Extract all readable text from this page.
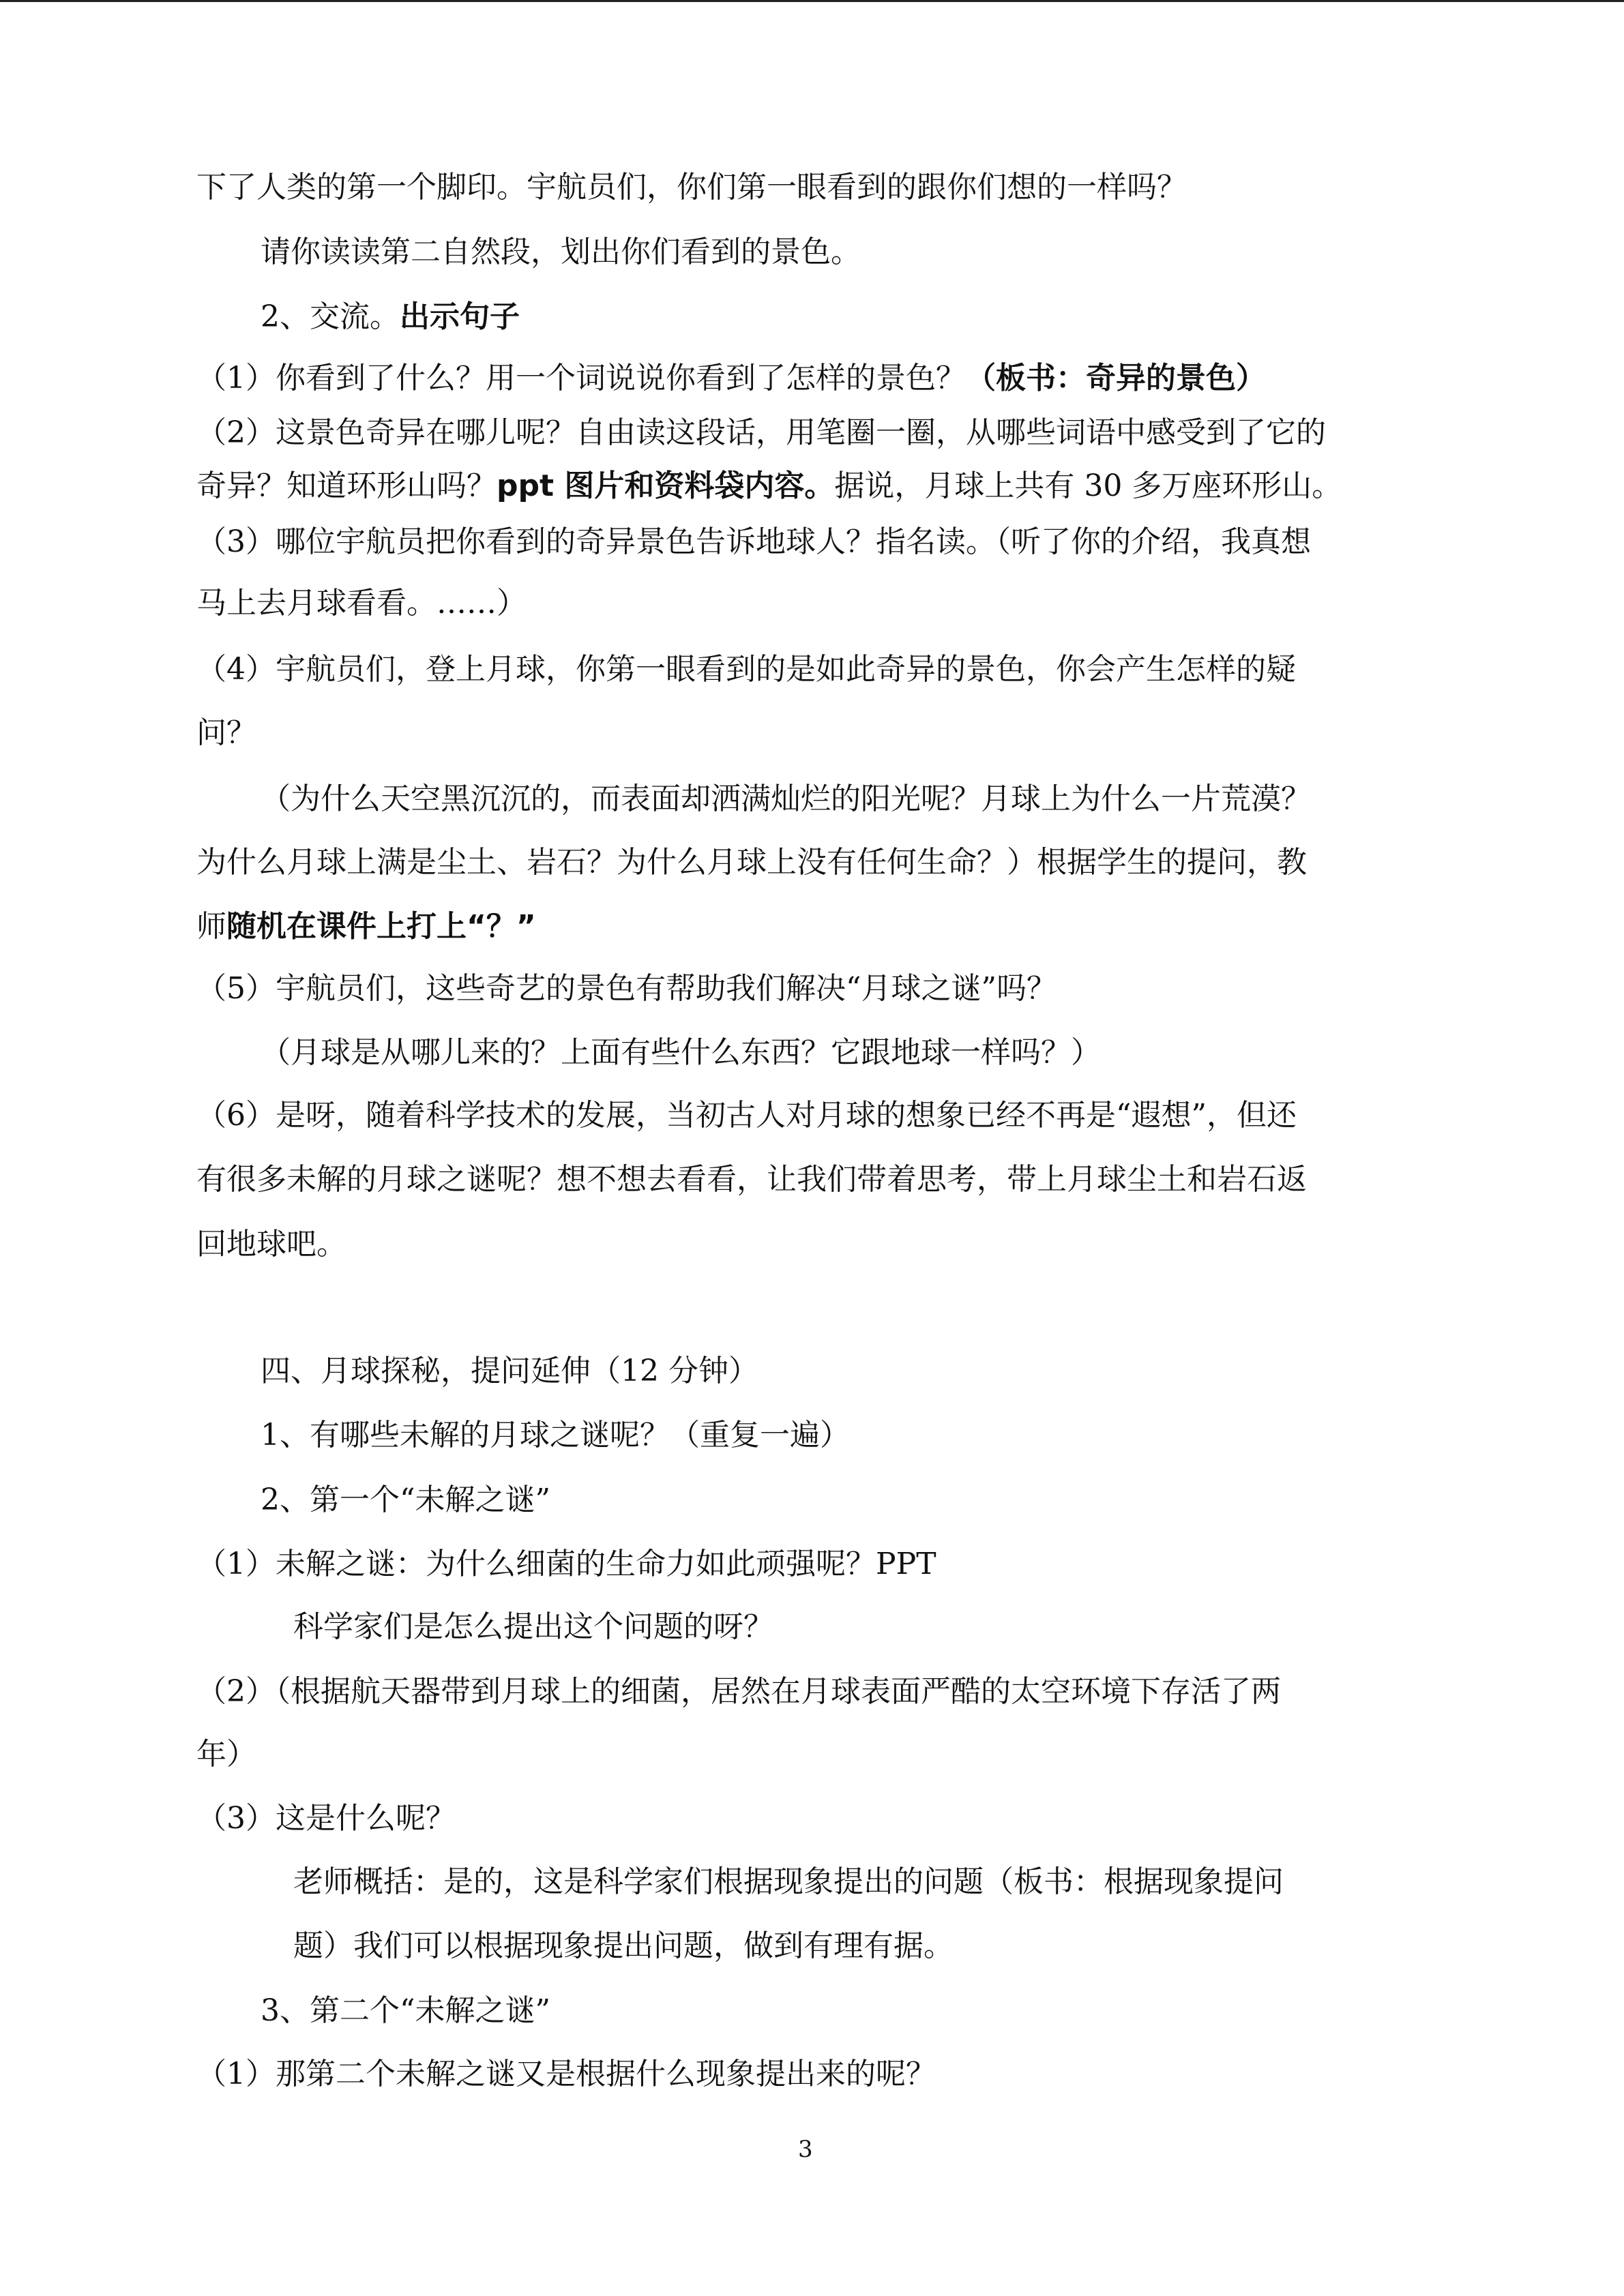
下了人类的第一个脚印。宇航员们，你们第一眼看到的跟你们想的一样吗？
请你读读第二自然段，划出你们看到的景色。
2、交流。出示句子
（1）你看到了什么？用一个词说说你看到了怎样的景色？（板书：奇异的景色）
（2）这景色奇异在哪儿呢？自由读这段话，用笔圈一圈，从哪些词语中感受到了它的
奇异？知道环形山吗？ppt 图片和资料袋内容。据说，月球上共有 30 多万座环形山。
（3）哪位宇航员把你看到的奇异景色告诉地球人？指名读。（听了你的介绍，我真想
马上去月球看看。……）
（4）宇航员们，登上月球，你第一眼看到的是如此奇异的景色，你会产生怎样的疑
问？
（为什么天空黑沉沉的，而表面却洒满灿烂的阳光呢？月球上为什么一片荒漠？
为什么月球上满是尘土、岩石？为什么月球上没有任何生命？）根据学生的提问，教
师随机在课件上打上“？”
（5）宇航员们，这些奇艺的景色有帮助我们解决“月球之谜”吗？
（月球是从哪儿来的？上面有些什么东西？它跟地球一样吗？）
（6）是呀，随着科学技术的发展，当初古人对月球的想象已经不再是“遐想”，但还
有很多未解的月球之谜呢？想不想去看看，让我们带着思考，带上月球尘土和岩石返
回地球吧。
四、月球探秘，提问延伸（12 分钟）
1、有哪些未解的月球之谜呢？（重复一遍）
2、第一个“未解之谜”
（1）未解之谜：为什么细菌的生命力如此顽强呢？PPT
科学家们是怎么提出这个问题的呀？
（2）（根据航天器带到月球上的细菌，居然在月球表面严酷的太空环境下存活了两
年）
（3）这是什么呢？
老师概括：是的，这是科学家们根据现象提出的问题（板书：根据现象提问
题）我们可以根据现象提出问题，做到有理有据。
3、第二个“未解之谜”
（1）那第二个未解之谜又是根据什么现象提出来的呢？
3
